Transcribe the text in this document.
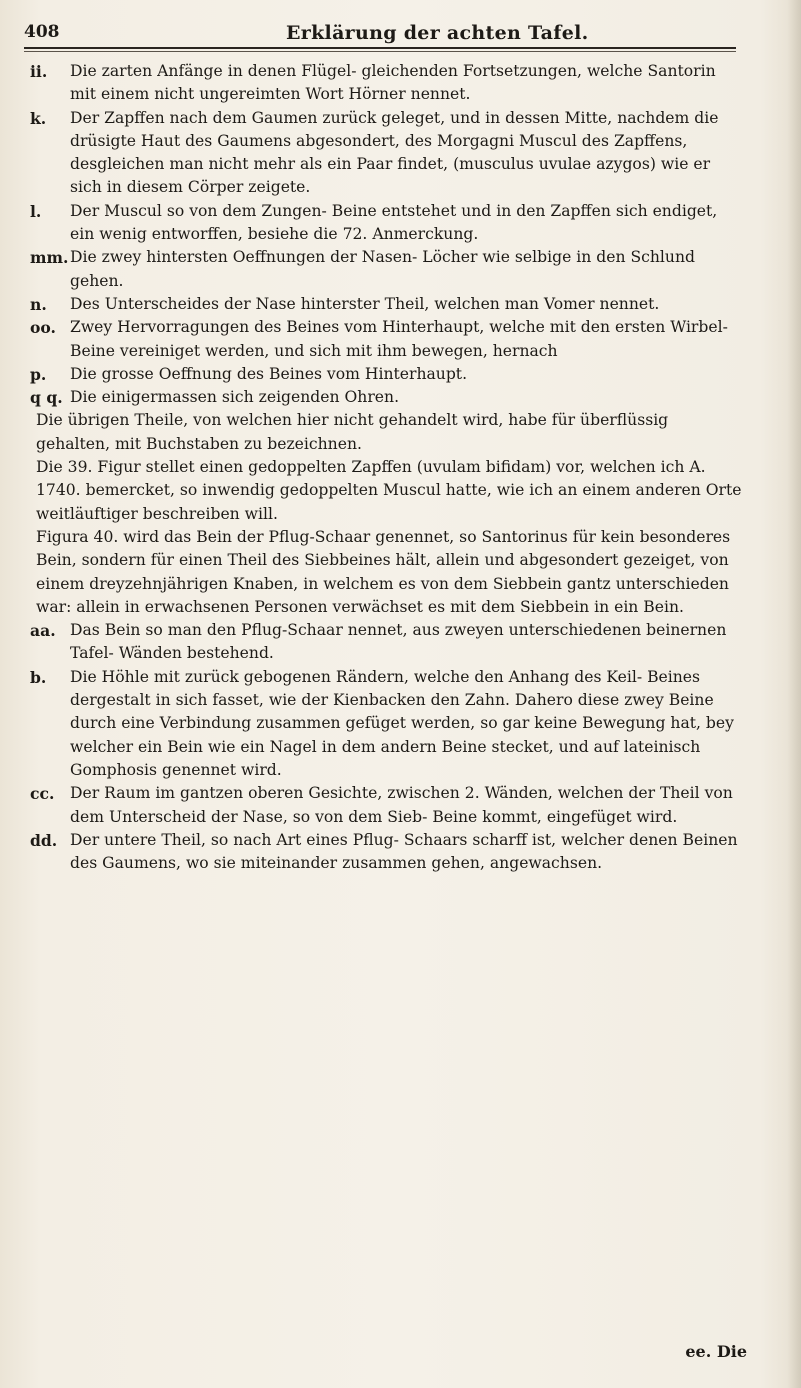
408	Erklärung der achten Tafel.

ii. Die zarten Anfänge in denen Flügel- gleichenden Fortsetzungen, welche Santorin mit einem nicht ungereimten Wort Hörner nennet.

k. Der Zapffen nach dem Gaumen zurück geleget, und in dessen Mitte, nachdem die drüsigte Haut des Gaumens abgesondert, des Morgagni Muscul des Zapffens, desgleichen man nicht mehr als ein Paar findet, (musculus uvulae azygos) wie er sich in diesem Cörper zeigete.

l. Der Muscul so von dem Zungen- Beine entstehet und in den Zapffen sich endiget, ein wenig entworffen, besiehe die 72. Anmerckung.

mm. Die zwey hintersten Oeffnungen der Nasen- Löcher wie selbige in den Schlund gehen.

n. Des Unterscheides der Nase hinterster Theil, welchen man Vomer nennet.

oo. Zwey Hervorragungen des Beines vom Hinterhaupt, welche mit den ersten Wirbel- Beine vereiniget werden, und sich mit ihm bewegen, hernach

p. Die grosse Oeffnung des Beines vom Hinterhaupt.

q q. Die einigermassen sich zeigenden Ohren.

Die übrigen Theile, von welchen hier nicht gehandelt wird, habe für überflüssig gehalten, mit Buchstaben zu bezeichnen.

Die 39. Figur stellet einen gedoppelten Zapffen (uvulam bifidam) vor, welchen ich A. 1740. bemercket, so inwendig gedoppelten Muscul hatte, wie ich an einem anderen Orte weitläuftiger beschreiben will.

Figura 40. wird das Bein der Pflug-Schaar genennet, so Santorinus für kein besonderes Bein, sondern für einen Theil des Siebbeines hält, allein und abgesondert gezeiget, von einem dreyzehnjährigen Knaben, in welchem es von dem Siebbein gantz unterschieden war: allein in erwachsenen Personen verwächset es mit dem Siebbein in ein Bein.

aa. Das Bein so man den Pflug-Schaar nennet, aus zweyen unterschiedenen beinernen Tafel- Wänden bestehend.

b. Die Höhle mit zurück gebogenen Rändern, welche den Anhang des Keil- Beines dergestalt in sich fasset, wie der Kienbacken den Zahn. Dahero diese zwey Beine durch eine Verbindung zusammen gefüget werden, so gar keine Bewegung hat, bey welcher ein Bein wie ein Nagel in dem andern Beine stecket, und auf lateinisch Gomphosis genennet wird.

cc. Der Raum im gantzen oberen Gesichte, zwischen 2. Wänden, welchen der Theil von dem Unterscheid der Nase, so von dem Sieb- Beine kommt, eingefüget wird.

dd. Der untere Theil, so nach Art eines Pflug- Schaars scharff ist, welcher denen Beinen des Gaumens, wo sie miteinander zusammen gehen, angewachsen.

ee. Die
